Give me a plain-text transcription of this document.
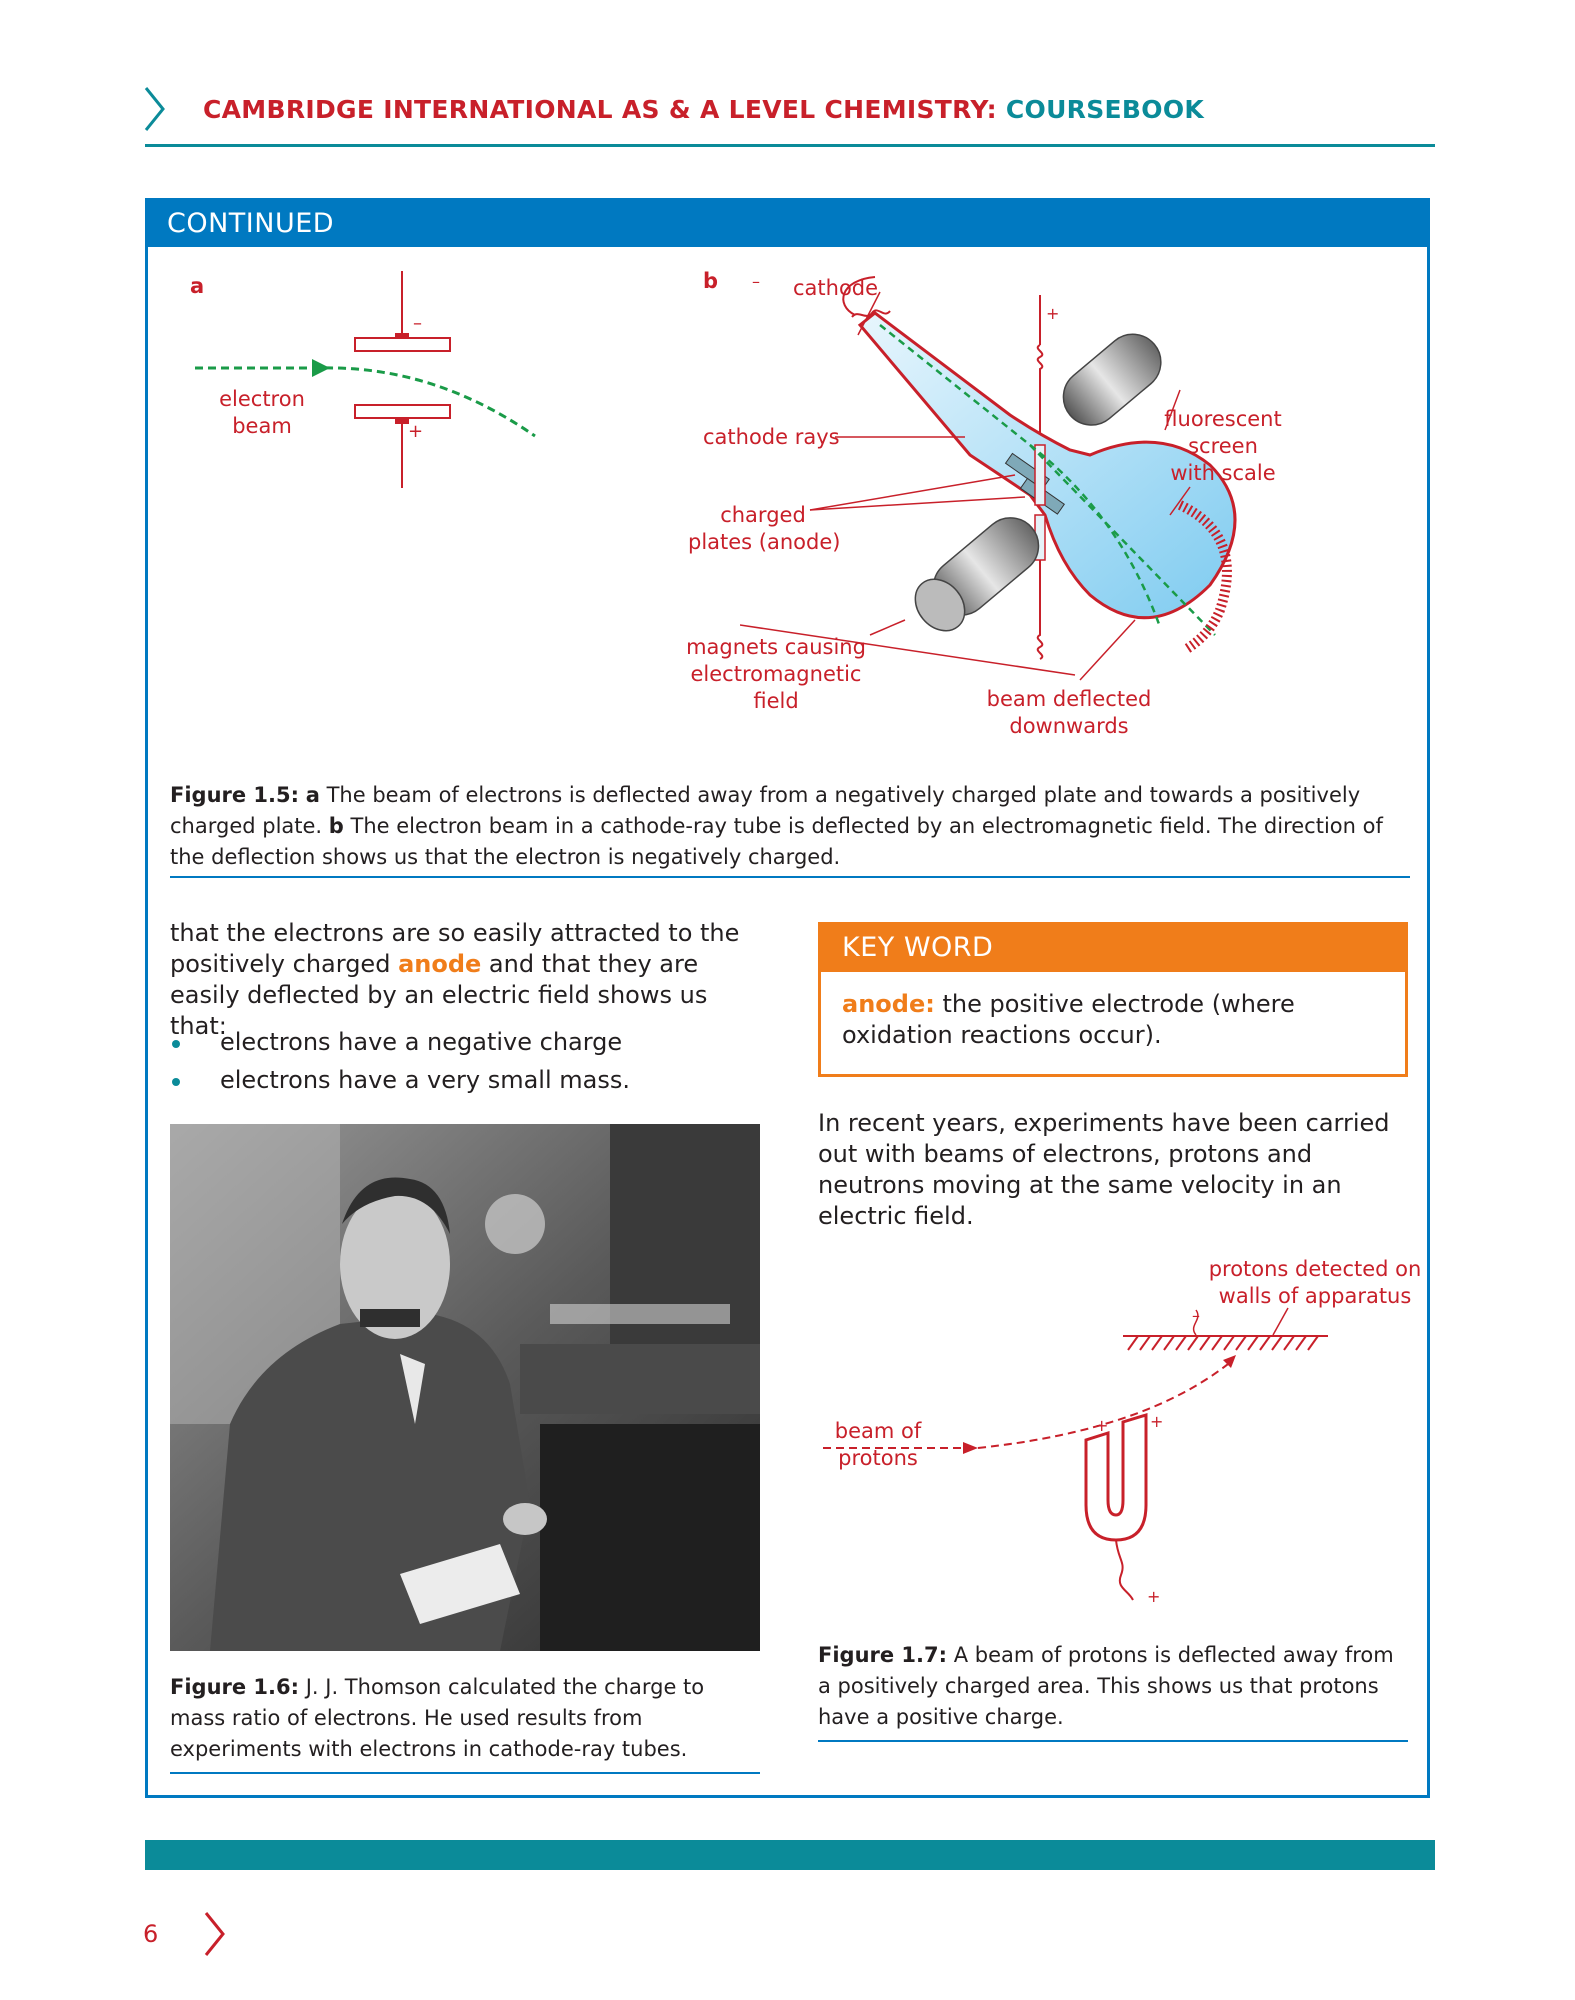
CAMBRIDGE INTERNATIONAL AS & A LEVEL CHEMISTRY: COURSEBOOK
CONTINUED
a
–
+
electron
beam
b –
+
cathode
cathode rays
charged
plates (anode)
magnets causing
electromagnetic
field
fluorescent
screen
with scale
beam deflected
downwards
Figure 1.5: a The beam of electrons is deflected away from a negatively charged plate and towards a positively charged plate. b The electron beam in a cathode-ray tube is deflected by an electromagnetic field. The direction of the deflection shows us that the electron is negatively charged.
that the electrons are so easily attracted to the positively charged anode and that they are easily deflected by an electric field shows us that:
electrons have a negative charge
electrons have a very small mass.
KEY WORD
anode: the positive electrode (where oxidation reactions occur).
In recent years, experiments have been carried out with beams of electrons, protons and neutrons moving at the same velocity in an electric field.
Figure 1.6: J. J. Thomson calculated the charge to mass ratio of electrons. He used results from experiments with electrons in cathode-ray tubes.
protons detected on
walls of apparatus
–
+	+
+
beam of
protons
Figure 1.7: A beam of protons is deflected away from a positively charged area. This shows us that protons have a positive charge.
6
